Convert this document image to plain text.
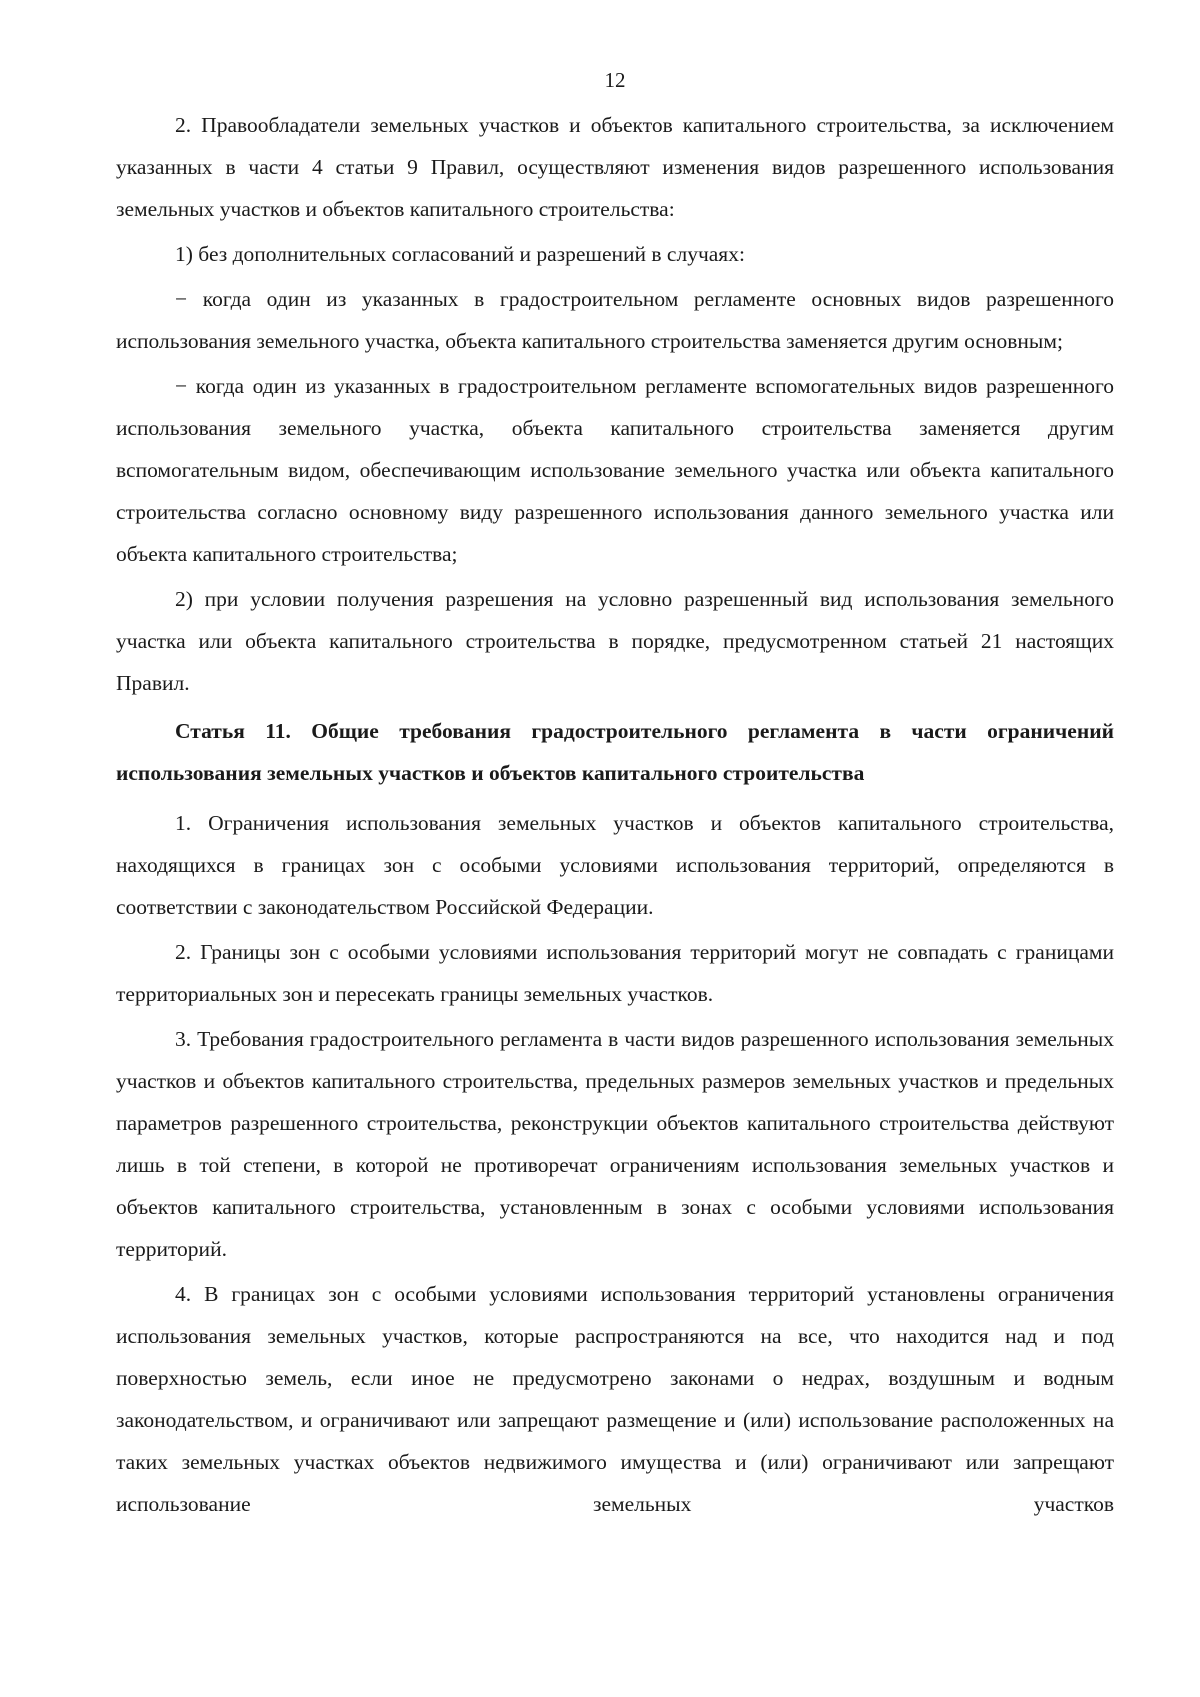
12

2. Правообладатели земельных участков и объектов капитального строительства, за исключением указанных в части 4 статьи 9 Правил, осуществляют изменения видов разрешенного использования земельных участков и объектов капитального строительства:

1) без дополнительных согласований и разрешений в случаях:

− когда один из указанных в градостроительном регламенте основных видов разрешенного использования земельного участка, объекта капитального строительства заменяется другим основным;

− когда один из указанных в градостроительном регламенте вспомогательных видов разрешенного использования земельного участка, объекта капитального строительства заменяется другим вспомогательным видом, обеспечивающим использование земельного участка или объекта капитального строительства согласно основному виду разрешенного использования данного земельного участка или объекта капитального строительства;

2) при условии получения разрешения на условно разрешенный вид использования земельного участка или объекта капитального строительства в порядке, предусмотренном статьей 21 настоящих Правил.

Статья 11. Общие требования градостроительного регламента в части ограничений использования земельных участков и объектов капитального строительства

1. Ограничения использования земельных участков и объектов капитального строительства, находящихся в границах зон с особыми условиями использования территорий, определяются в соответствии с законодательством Российской Федерации.

2. Границы зон с особыми условиями использования территорий могут не совпадать с границами территориальных зон и пересекать границы земельных участков.

3. Требования градостроительного регламента в части видов разрешенного использования земельных участков и объектов капитального строительства, предельных размеров земельных участков и предельных параметров разрешенного строительства, реконструкции объектов капитального строительства действуют лишь в той степени, в которой не противоречат ограничениям использования земельных участков и объектов капитального строительства, установленным в зонах с особыми условиями использования территорий.

4. В границах зон с особыми условиями использования территорий установлены ограничения использования земельных участков, которые распространяются на все, что находится над и под поверхностью земель, если иное не предусмотрено законами о недрах, воздушным и водным законодательством, и ограничивают или запрещают размещение и (или) использование расположенных на таких земельных участках объектов недвижимого имущества и (или) ограничивают или запрещают использование земельных участков
